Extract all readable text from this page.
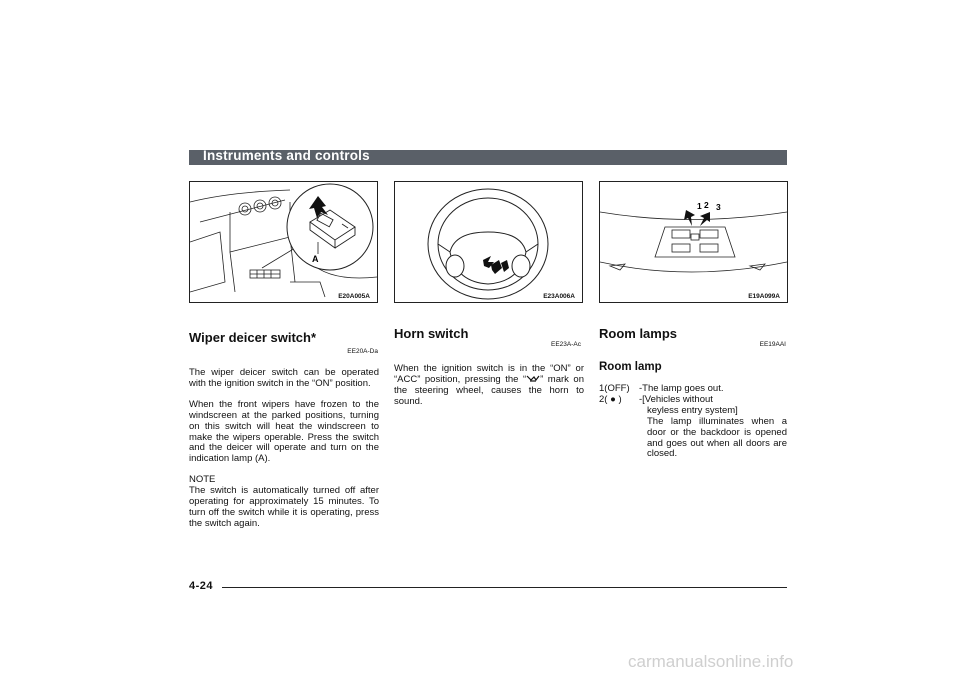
Instruments and controls
A
E20A005A	E23A006A
1 2 3
E19A099A
Wiper deicer switch*
EE20A-Da

The wiper deicer switch can be operated with the ignition switch in the “ON” position.

When the front wipers have frozen to the windscreen at the parked positions, turning on this switch will heat the windscreen to make the wipers operable. Press the switch and the deicer will operate and turn on the indication lamp (A).

NOTE

The switch is automatically turned off after operating for approximately 15 minutes. To turn off the switch while it is operating, press the switch again.

Horn switch
EE23A-Ac

When the ignition switch is in the “ON” or “ACC” position, pressing the “ ” mark on the steering wheel, causes the horn to sound.

Room lamps
EE19AAI
Room lamp
1(OFF) -The lamp goes out.
2( ● )	-[Vehicles without
keyless entry system]
The lamp illuminates when a door or the backdoor is opened and goes out when all doors are closed.
4-24
carmanualsonline.info
